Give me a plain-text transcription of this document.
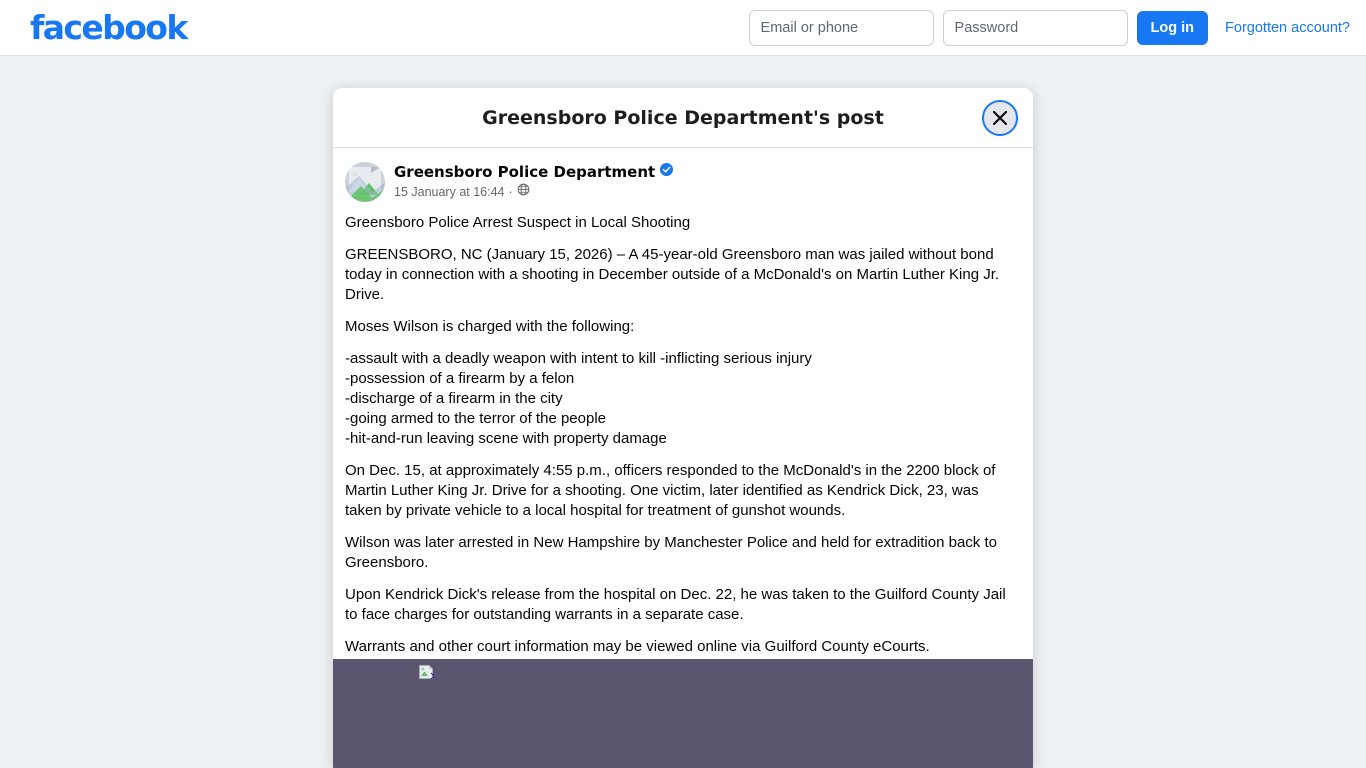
facebook
Email or phone	Log in	Forgotten account?
Greensboro Police Department's post
Greensboro Police Department
15 January at 16:44 ·

Greensboro Police Arrest Suspect in Local Shooting

GREENSBORO, NC (January 15, 2026) – A 45-year-old Greensboro man was jailed without bond today in connection with a shooting in December outside of a McDonald's on Martin Luther King Jr. Drive.

Moses Wilson is charged with the following:

-assault with a deadly weapon with intent to kill -inflicting serious injury
-possession of a firearm by a felon
-discharge of a firearm in the city
-going armed to the terror of the people
-hit-and-run leaving scene with property damage

On Dec. 15, at approximately 4:55 p.m., officers responded to the McDonald's in the 2200 block of Martin Luther King Jr. Drive for a shooting. One victim, later identified as Kendrick Dick, 23, was taken by private vehicle to a local hospital for treatment of gunshot wounds.

Wilson was later arrested in New Hampshire by Manchester Police and held for extradition back to Greensboro.

Upon Kendrick Dick's release from the hospital on Dec. 22, he was taken to the Guilford County Jail to face charges for outstanding warrants in a separate case.

Warrants and other court information may be viewed online via Guilford County eCourts.
